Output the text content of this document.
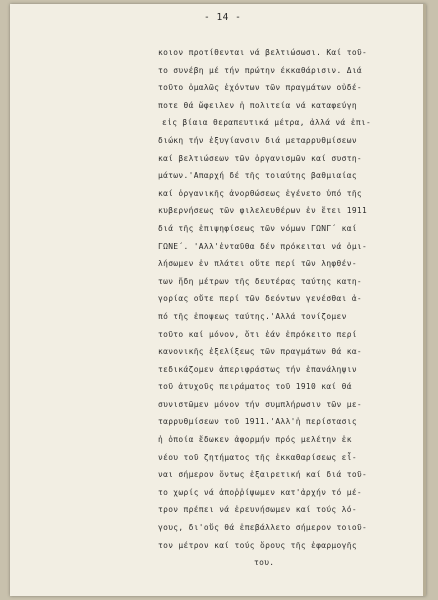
- 14 -
κοιον προτίθενται νά βελτιώσωσι. Καί τοῦ-
το συνέβη μέ τήν πρώτην έκκαθάρισιν. Διά
τοῦτο ὁμαλῶς ἐχόντων τῶν πραγμάτων οὐδέ-
ποτε θά ὤφειλεν ἡ πολιτεία νά καταφεύγη
εἰς βίαια θεραπευτικά μέτρα, ἀλλά νά ἐπι-
διώκη τήν ἐξυγίανσιν διά μεταρρυθμίσεων
καί βελτιώσεων τῶν ὀργανισμῶν καί συστη-
μάτων.'Απαρχή δέ τῆς τοιαύτης βαθμιαίας
καί ὀργανικῆς ἀνορθώσεως ἐγένετο ὑπό τῆς
κυβερνήσεως τῶν φιλελευθέρων ἐν ἔτει 1911
διά τῆς ἐπιψηφίσεως τῶν νόμων ΓΩΝΓ΄ καί
ΓΩΝΕ΄. 'Αλλ'ἐνταῦθα δέν πρόκειται νά ὁμι-
λήσωμεν ἐν πλάτει οὔτε περί τῶν ληφθέν-
των ἤδη μέτρων τῆς δευτέρας ταύτης κατη-
γορίας οὔτε περί τῶν δεόντων γενέσθαι ἀ-
πό τῆς ἐποψεως ταύτης.'Αλλά τονίζομεν
τοῦτο καί μόνον, ὅτι ἐάν ἐπρόκειτο περί
κανονικῆς ἐξελίξεως τῶν πραγμάτων θά κα-
τεδικάζομεν ἀπεριφράστως τήν ἐπανάληψιν
τοῦ ἀτυχοῦς πειράματος τοῦ 1910 καί θά
συνιστῶμεν μόνον τήν συμπλήρωσιν τῶν με-
ταρρυθμίσεων τοῦ 1911.'Αλλ'ἡ περίστασις
ἡ ὁποία ἔδωκεν ἀφορμήν πρός μελέτην ἐκ
νέου τοῦ ζητήματος τῆς ἐκκαθαρίσεως εἶ-
ναι σήμερον ὄντως ἐξαιρετική καί διά τοῦ-
το χωρίς νά ἀποῤῥίψωμεν κατ'ἀρχήν τό μέ-
τρον πρέπει νά ἐρευνήσωμεν καί τούς λό-
γους, δι'οὕς θά ἐπεβάλλετο σήμερον τοιοῦ-
τον μέτρον καί τούς ὅρους τῆς ἐφαρμογῆς
του.
